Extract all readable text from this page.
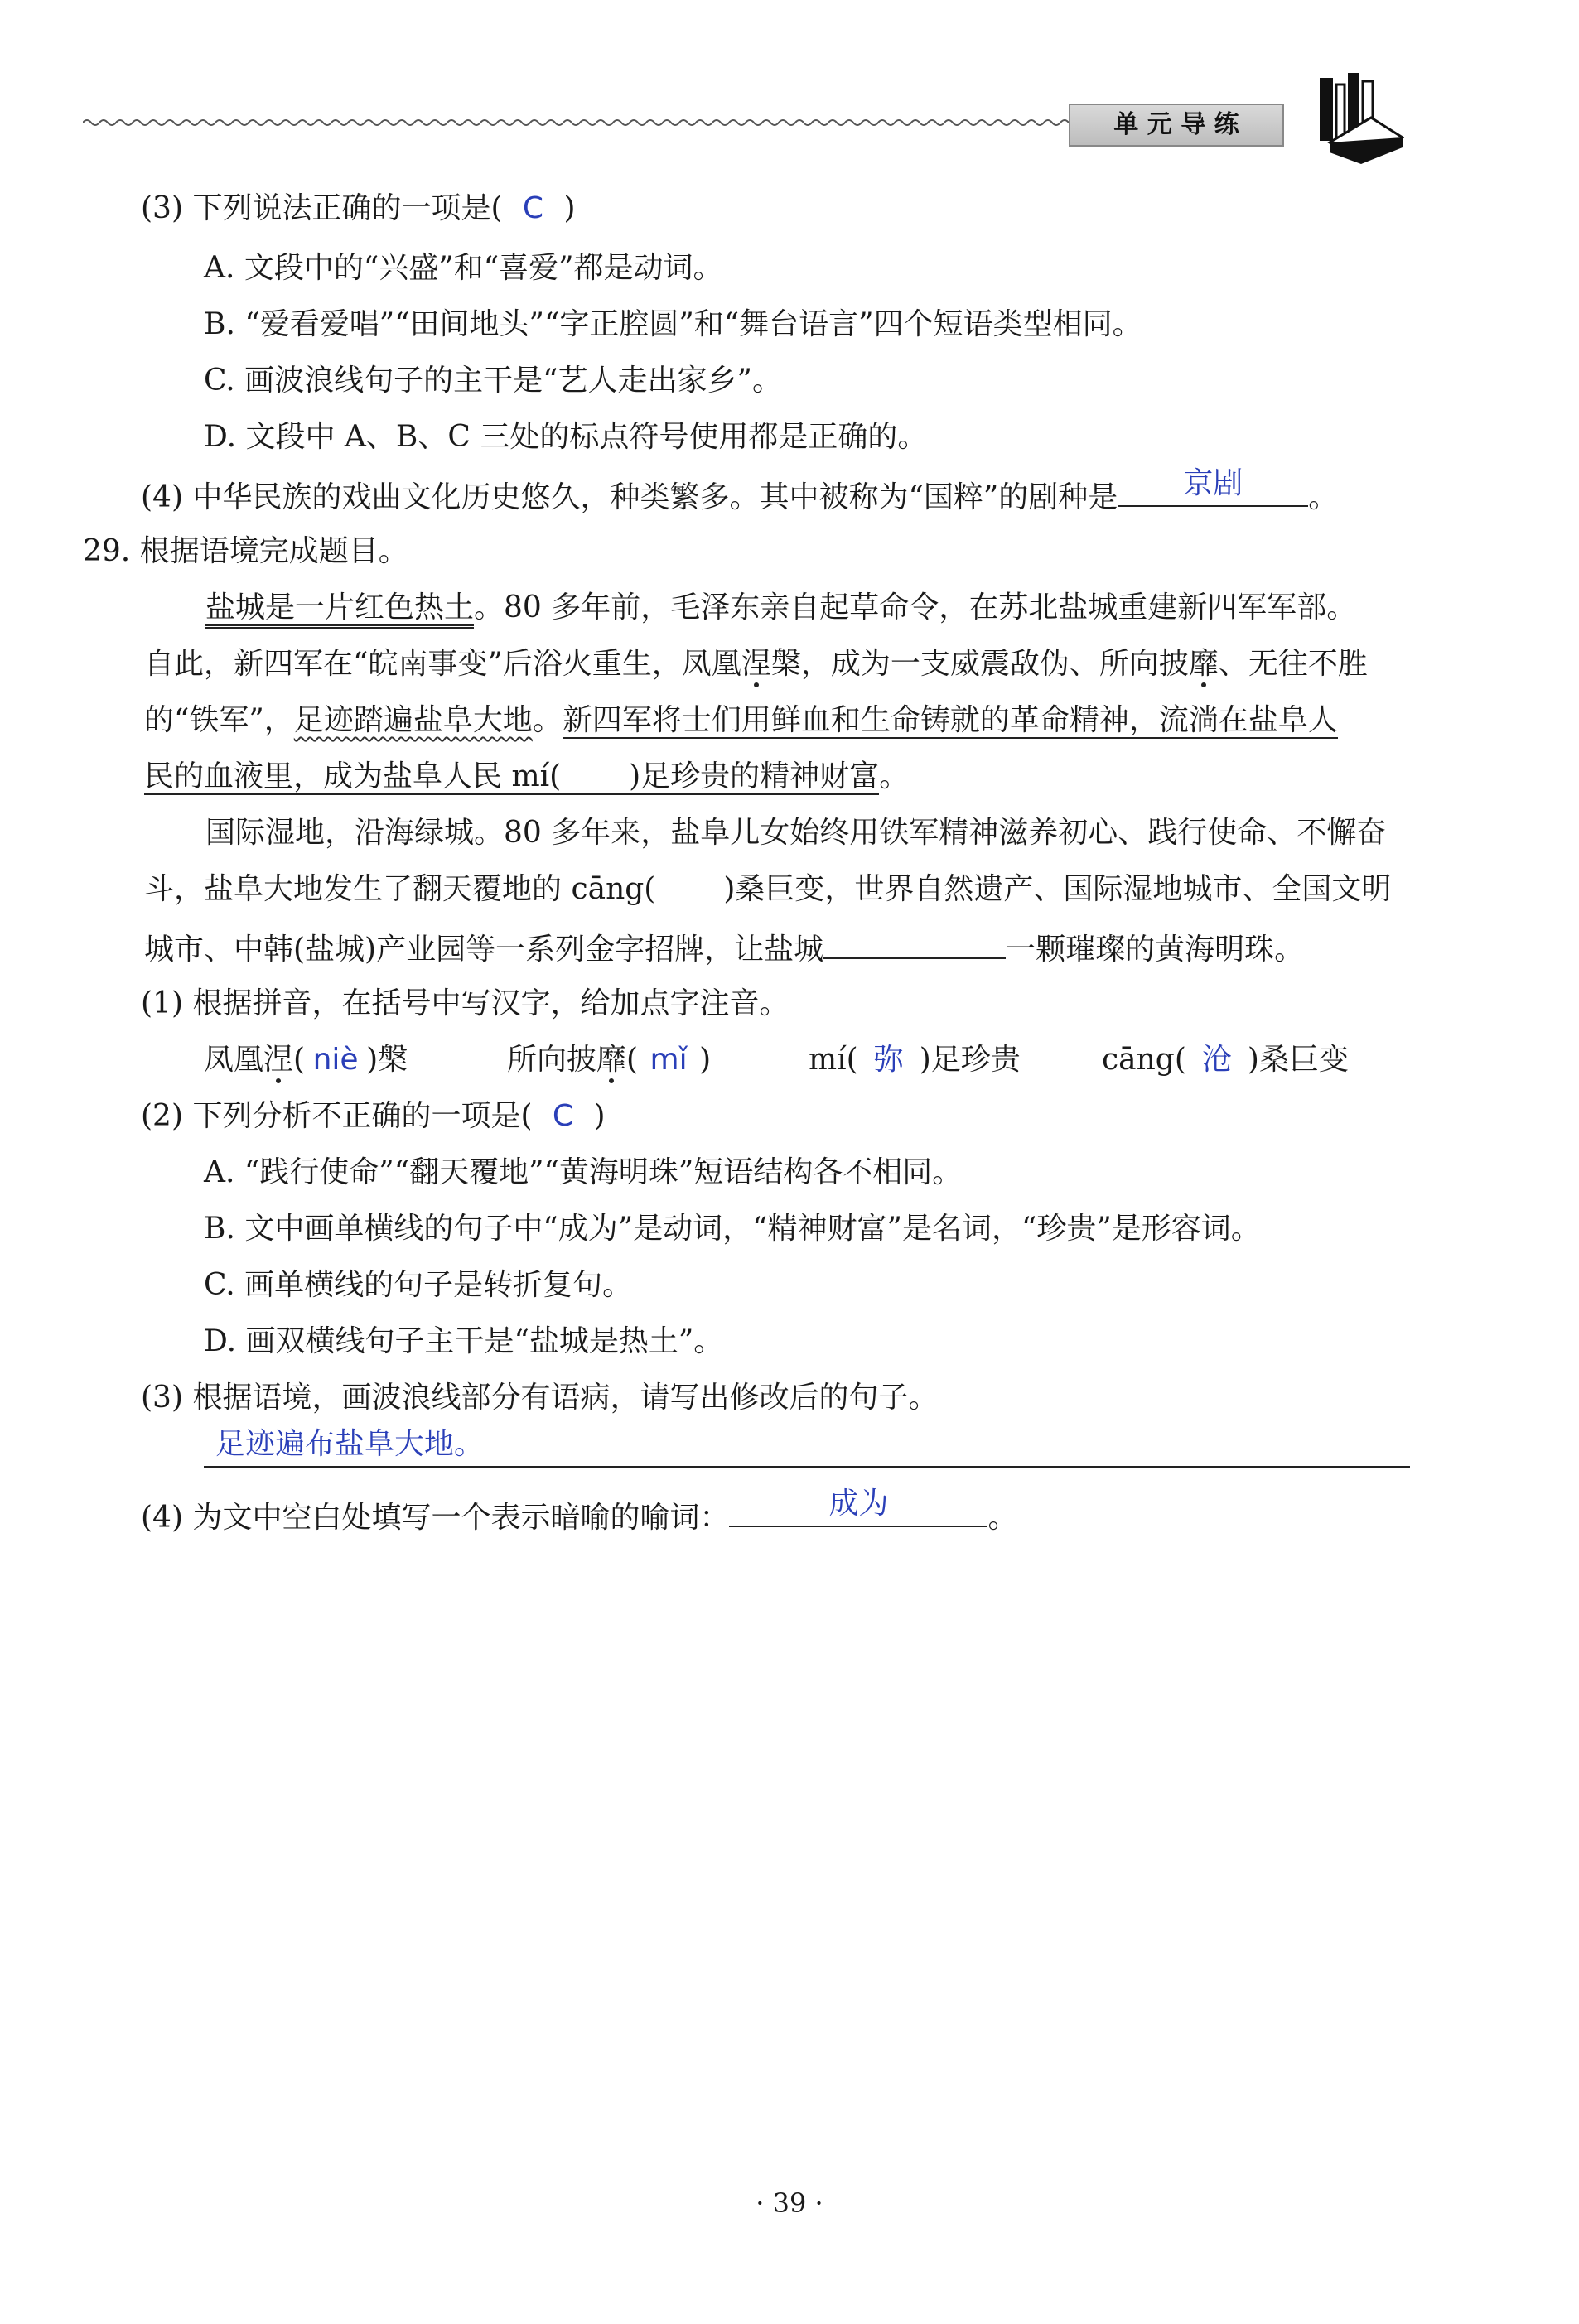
单 元 导 练
(3) 下列说法正确的一项是( C )
A. 文段中的“兴盛”和“喜爱”都是动词。
B. “爱看爱唱”“田间地头”“字正腔圆”和“舞台语言”四个短语类型相同。
C. 画波浪线句子的主干是“艺人走出家乡”。
D. 文段中 A、B、C 三处的标点符号使用都是正确的。
(4) 中华民族的戏曲文化历史悠久，种类繁多。其中被称为“国粹”的剧种是	京剧	。
29. 根据语境完成题目。
盐城是一片红色热土。80 多年前，毛泽东亲自起草命令，在苏北盐城重建新四军军部。
自此，新四军在“皖南事变”后浴火重生，凤凰涅槃，成为一支威震敌伪、所向披靡、无往不胜
的“铁军”，足迹踏遍盐阜大地。新四军将士们用鲜血和生命铸就的革命精神，流淌在盐阜人
民的血液里，成为盐阜人民 mí( )足珍贵的精神财富。
国际湿地，沿海绿城。80 多年来，盐阜儿女始终用铁军精神滋养初心、践行使命、不懈奋
斗，盐阜大地发生了翻天覆地的 cāng( )桑巨变，世界自然遗产、国际湿地城市、全国文明
城市、中韩(盐城)产业园等一系列金字招牌，让盐城	一颗璀璨的黄海明珠。
(1) 根据拼音，在括号中写汉字，给加点字注音。
凤凰涅( niè )槃	所向披靡( mǐ )	mí( 弥 )足珍贵	cāng( 沧 )桑巨变
(2) 下列分析不正确的一项是( C )
A. “践行使命”“翻天覆地”“黄海明珠”短语结构各不相同。
B. 文中画单横线的句子中“成为”是动词，“精神财富”是名词，“珍贵”是形容词。
C. 画单横线的句子是转折复句。
D. 画双横线句子主干是“盐城是热土”。
(3) 根据语境，画波浪线部分有语病，请写出修改后的句子。
足迹遍布盐阜大地。
(4) 为文中空白处填写一个表示暗喻的喻词：	成为	。
· 39 ·
